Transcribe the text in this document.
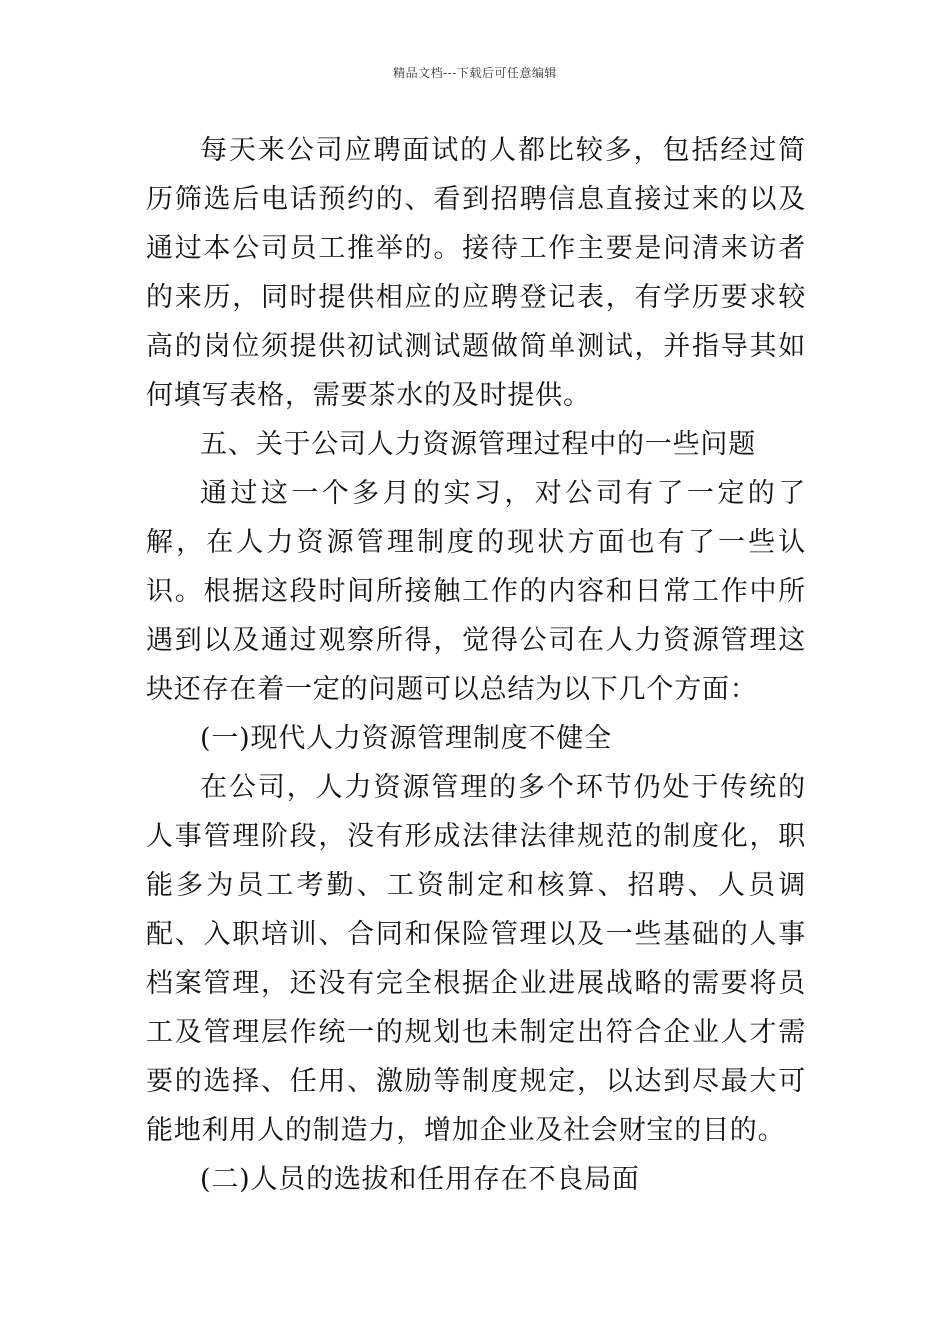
精品文档---下载后可任意编辑

每天来公司应聘面试的人都比较多，包括经过简历筛选后电话预约的、看到招聘信息直接过来的以及通过本公司员工推举的。接待工作主要是问清来访者的来历，同时提供相应的应聘登记表，有学历要求较高的岗位须提供初试测试题做简单测试，并指导其如何填写表格，需要茶水的及时提供。

五、关于公司人力资源管理过程中的一些问题

通过这一个多月的实习，对公司有了一定的了解，在人力资源管理制度的现状方面也有了一些认识。根据这段时间所接触工作的内容和日常工作中所遇到以及通过观察所得，觉得公司在人力资源管理这块还存在着一定的问题可以总结为以下几个方面：

(一)现代人力资源管理制度不健全

在公司，人力资源管理的多个环节仍处于传统的人事管理阶段，没有形成法律法律规范的制度化，职能多为员工考勤、工资制定和核算、招聘、人员调配、入职培训、合同和保险管理以及一些基础的人事档案管理，还没有完全根据企业进展战略的需要将员工及管理层作统一的规划也未制定出符合企业人才需要的选择、任用、激励等制度规定，以达到尽最大可能地利用人的制造力，增加企业及社会财宝的目的。

(二)人员的选拔和任用存在不良局面
